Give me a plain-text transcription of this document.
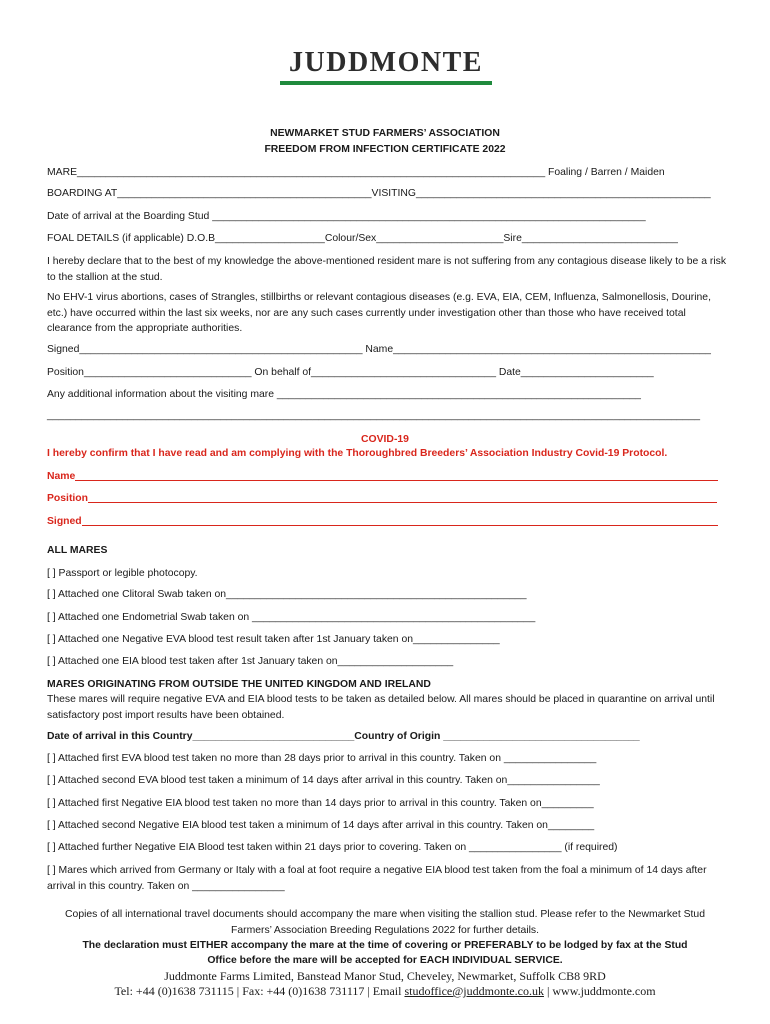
JUDDMONTE
NEWMARKET STUD FARMERS’ ASSOCIATION
FREEDOM FROM INFECTION CERTIFICATE 2022
MARE_________________________________________________________________________________ Foaling / Barren / Maiden
BOARDING AT____________________________________________VISITING___________________________________________________
Date of arrival at the Boarding Stud ___________________________________________________________________________
FOAL DETAILS (if applicable) D.O.B___________________Colour/Sex______________________Sire___________________________
I hereby declare that to the best of my knowledge the above-mentioned resident mare is not suffering from any contagious disease likely to be a risk to the stallion at the stud.
No EHV-1 virus abortions, cases of Strangles, stillbirths or relevant contagious diseases (e.g. EVA, EIA, CEM, Influenza, Salmonellosis, Dourine, etc.) have occurred within the last six weeks, nor are any such cases currently under investigation other than those who have received total clearance from the appropriate authorities.
Signed_________________________________________________ Name_______________________________________________________
Position_____________________________ On behalf of________________________________ Date_______________________
Any additional information about the visiting mare _______________________________________________________________
_________________________________________________________________________________________________________________
COVID-19
I hereby confirm that I have read and am complying with the Thoroughbred Breeders’ Association Industry Covid-19 Protocol.
Name
Position
Signed
ALL MARES
[ ] Passport or legible photocopy.
[ ] Attached one Clitoral Swab taken on____________________________________________________
[ ] Attached one Endometrial Swab taken on _________________________________________________
[ ] Attached one Negative EVA blood test result taken after 1st January taken on_______________
[ ] Attached one EIA blood test taken after 1st January taken on____________________
MARES ORIGINATING FROM OUTSIDE THE UNITED KINGDOM AND IRELAND
These mares will require negative EVA and EIA blood tests to be taken as detailed below. All mares should be placed in quarantine on arrival until satisfactory post import results have been obtained.
Date of arrival in this Country____________________________Country of Origin __________________________________
[ ] Attached first EVA blood test taken no more than 28 days prior to arrival in this country. Taken on ________________
[ ] Attached second EVA blood test taken a minimum of 14 days after arrival in this country. Taken on________________
[ ] Attached first Negative EIA blood test taken no more than 14 days prior to arrival in this country. Taken on_________
[ ] Attached second Negative EIA blood test taken a minimum of 14 days after arrival in this country. Taken on________
[ ] Attached further Negative EIA Blood test taken within 21 days prior to covering. Taken on ________________ (if required)
[ ] Mares which arrived from Germany or Italy with a foal at foot require a negative EIA blood test taken from the foal a minimum of 14 days after arrival in this country. Taken on ________________
Copies of all international travel documents should accompany the mare when visiting the stallion stud. Please refer to the Newmarket Stud Farmers’ Association Breeding Regulations 2022 for further details.
The declaration must EITHER accompany the mare at the time of covering or PREFERABLY to be lodged by fax at the Stud
Office before the mare will be accepted for EACH INDIVIDUAL SERVICE.
Juddmonte Farms Limited, Banstead Manor Stud, Cheveley, Newmarket, Suffolk CB8 9RD
Tel: +44 (0)1638 731115 | Fax: +44 (0)1638 731117 | Email studoffice@juddmonte.co.uk | www.juddmonte.com
